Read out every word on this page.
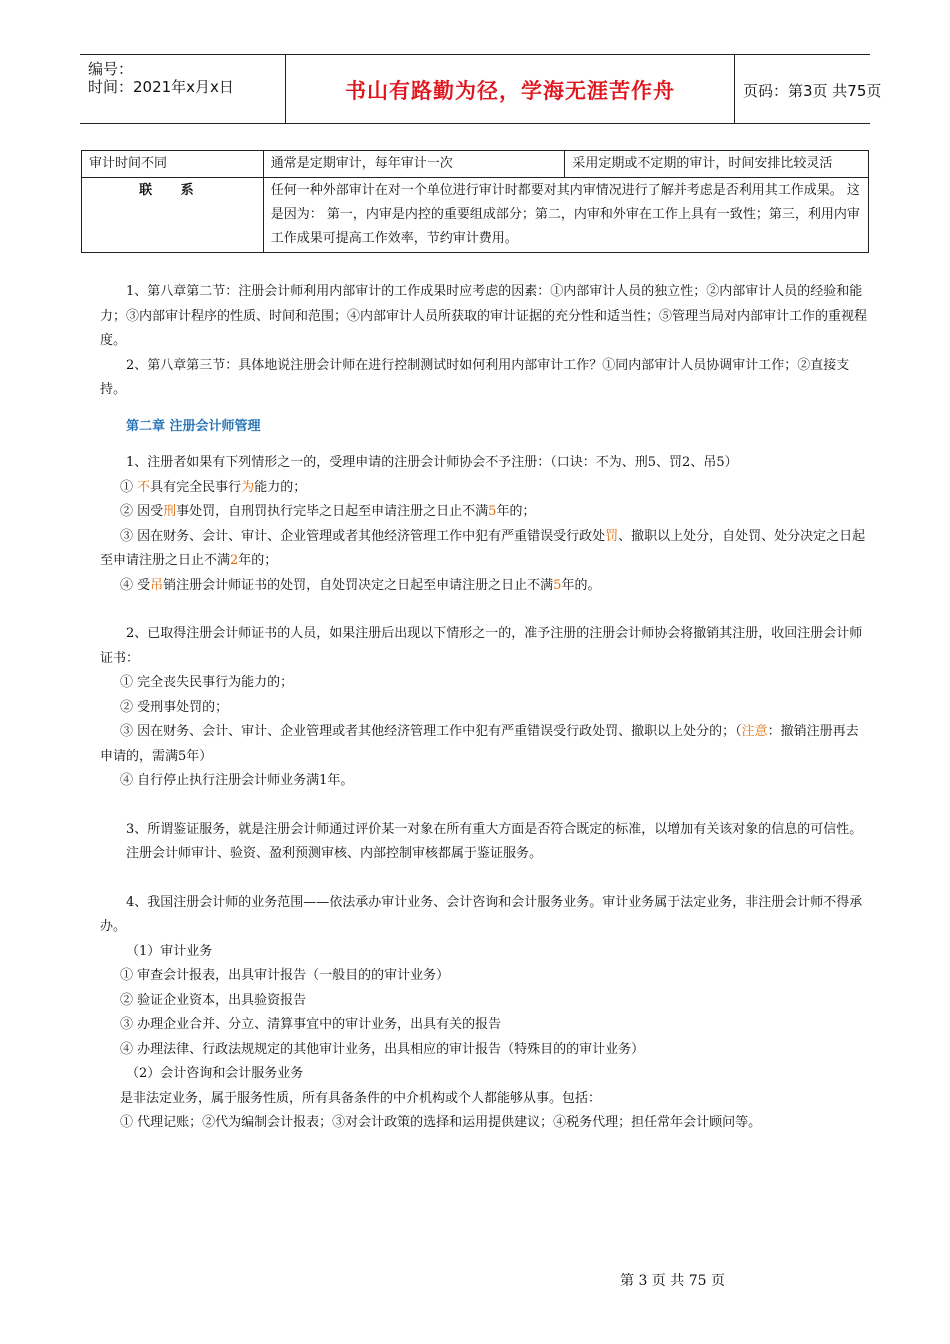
编号：
时间：2021年x月x日	书山有路勤为径，学海无涯苦作舟	页码：第3页 共75页
审计时间不同	通常是定期审计，每年审计一次	采用定期或不定期的审计，时间安排比较灵活
联 系	任何一种外部审计在对一个单位进行审计时都要对其内审情况进行了解并考虑是否利用其工作成果。 这是因为： 第一，内审是内控的重要组成部分；第二，内审和外审在工作上具有一致性；第三，利用内审工作成果可提高工作效率，节约审计费用。	

1、第八章第二节：注册会计师利用内部审计的工作成果时应考虑的因素：①内部审计人员的独立性；②内部审计人员的经验和能力；③内部审计程序的性质、时间和范围；④内部审计人员所获取的审计证据的充分性和适当性；⑤管理当局对内部审计工作的重视程度。

2、第八章第三节：具体地说注册会计师在进行控制测试时如何利用内部审计工作？①同内部审计人员协调审计工作；②直接支持。

第二章 注册会计师管理

1、注册者如果有下列情形之一的，受理申请的注册会计师协会不予注册：（口诀：不为、刑5、罚2、吊5）

① 不具有完全民事行为能力的；

② 因受刑事处罚，自刑罚执行完毕之日起至申请注册之日止不满5年的；

③ 因在财务、会计、审计、企业管理或者其他经济管理工作中犯有严重错误受行政处罚、撤职以上处分，自处罚、处分决定之日起至申请注册之日止不满2年的；

④ 受吊销注册会计师证书的处罚，自处罚决定之日起至申请注册之日止不满5年的。

2、已取得注册会计师证书的人员，如果注册后出现以下情形之一的，准予注册的注册会计师协会将撤销其注册，收回注册会计师证书：

① 完全丧失民事行为能力的；

② 受刑事处罚的；

③ 因在财务、会计、审计、企业管理或者其他经济管理工作中犯有严重错误受行政处罚、撤职以上处分的；（注意：撤销注册再去申请的，需满5年）

④ 自行停止执行注册会计师业务满1年。

3、所谓鉴证服务，就是注册会计师通过评价某一对象在所有重大方面是否符合既定的标准，以增加有关该对象的信息的可信性。

注册会计师审计、验资、盈利预测审核、内部控制审核都属于鉴证服务。

4、我国注册会计师的业务范围——依法承办审计业务、会计咨询和会计服务业务。审计业务属于法定业务，非注册会计师不得承办。

（1）审计业务

① 审查会计报表，出具审计报告（一般目的的审计业务）

② 验证企业资本，出具验资报告

③ 办理企业合并、分立、清算事宜中的审计业务，出具有关的报告

④ 办理法律、行政法规规定的其他审计业务，出具相应的审计报告（特殊目的的审计业务）

（2）会计咨询和会计服务业务

是非法定业务，属于服务性质，所有具备条件的中介机构或个人都能够从事。包括：

① 代理记账；②代为编制会计报表；③对会计政策的选择和运用提供建议；④税务代理；担任常年会计顾问等。

第 3 页 共 75 页
